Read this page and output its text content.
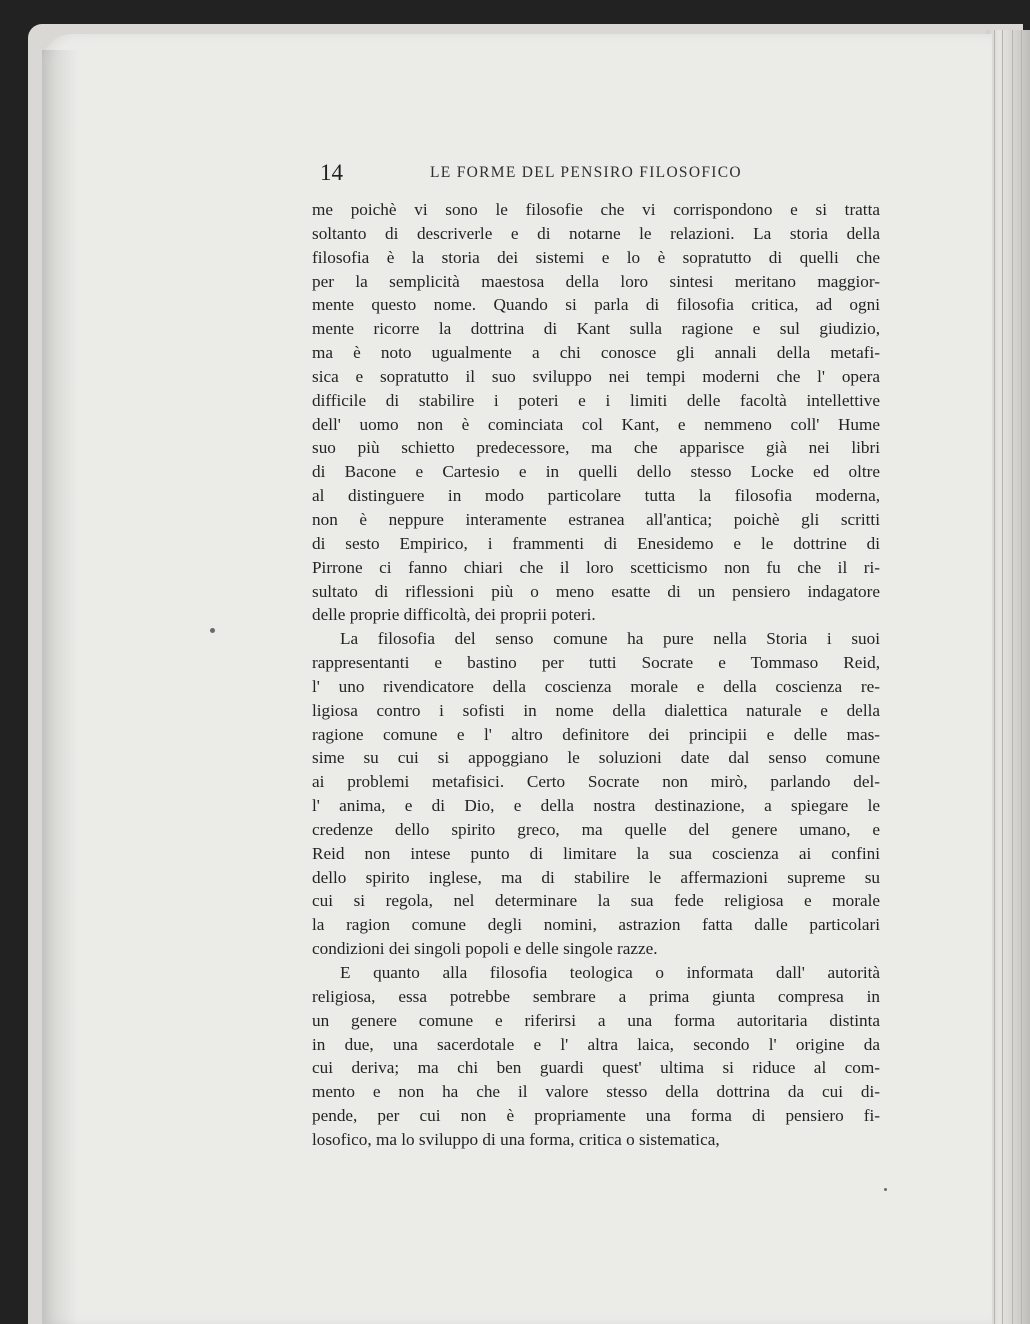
14	LE FORME DEL PENSIRO FILOSOFICO
me poichè vi sono le filosofie che vi corrispondono e si tratta
soltanto di descriverle e di notarne le relazioni. La storia della
filosofia è la storia dei sistemi e lo è sopratutto di quelli che
per la semplicità maestosa della loro sintesi meritano maggior-
mente questo nome. Quando si parla di filosofia critica, ad ogni
mente ricorre la dottrina di Kant sulla ragione e sul giudizio,
ma è noto ugualmente a chi conosce gli annali della metafi-
sica e sopratutto il suo sviluppo nei tempi moderni che l' opera
difficile di stabilire i poteri e i limiti delle facoltà intellettive
dell' uomo non è cominciata col Kant, e nemmeno coll' Hume
suo più schietto predecessore, ma che apparisce già nei libri
di Bacone e Cartesio e in quelli dello stesso Locke ed oltre
al distinguere in modo particolare tutta la filosofia moderna,
non è neppure interamente estranea all'antica; poichè gli scritti
di sesto Empirico, i frammenti di Enesidemo e le dottrine di
Pirrone ci fanno chiari che il loro scetticismo non fu che il ri-
sultato di riflessioni più o meno esatte di un pensiero indagatore
delle proprie difficoltà, dei proprii poteri.
La filosofia del senso comune ha pure nella Storia i suoi
rappresentanti e bastino per tutti Socrate e Tommaso Reid,
l' uno rivendicatore della coscienza morale e della coscienza re-
ligiosa contro i sofisti in nome della dialettica naturale e della
ragione comune e l' altro definitore dei principii e delle mas-
sime su cui si appoggiano le soluzioni date dal senso comune
ai problemi metafisici. Certo Socrate non mirò, parlando del-
l' anima, e di Dio, e della nostra destinazione, a spiegare le
credenze dello spirito greco, ma quelle del genere umano, e
Reid non intese punto di limitare la sua coscienza ai confini
dello spirito inglese, ma di stabilire le affermazioni supreme su
cui si regola, nel determinare la sua fede religiosa e morale
la ragion comune degli nomini, astrazion fatta dalle particolari
condizioni dei singoli popoli e delle singole razze.
E quanto alla filosofia teologica o informata dall' autorità
religiosa, essa potrebbe sembrare a prima giunta compresa in
un genere comune e riferirsi a una forma autoritaria distinta
in due, una sacerdotale e l' altra laica, secondo l' origine da
cui deriva; ma chi ben guardi quest' ultima si riduce al com-
mento e non ha che il valore stesso della dottrina da cui di-
pende, per cui non è propriamente una forma di pensiero fi-
losofico, ma lo sviluppo di una forma, critica o sistematica,
